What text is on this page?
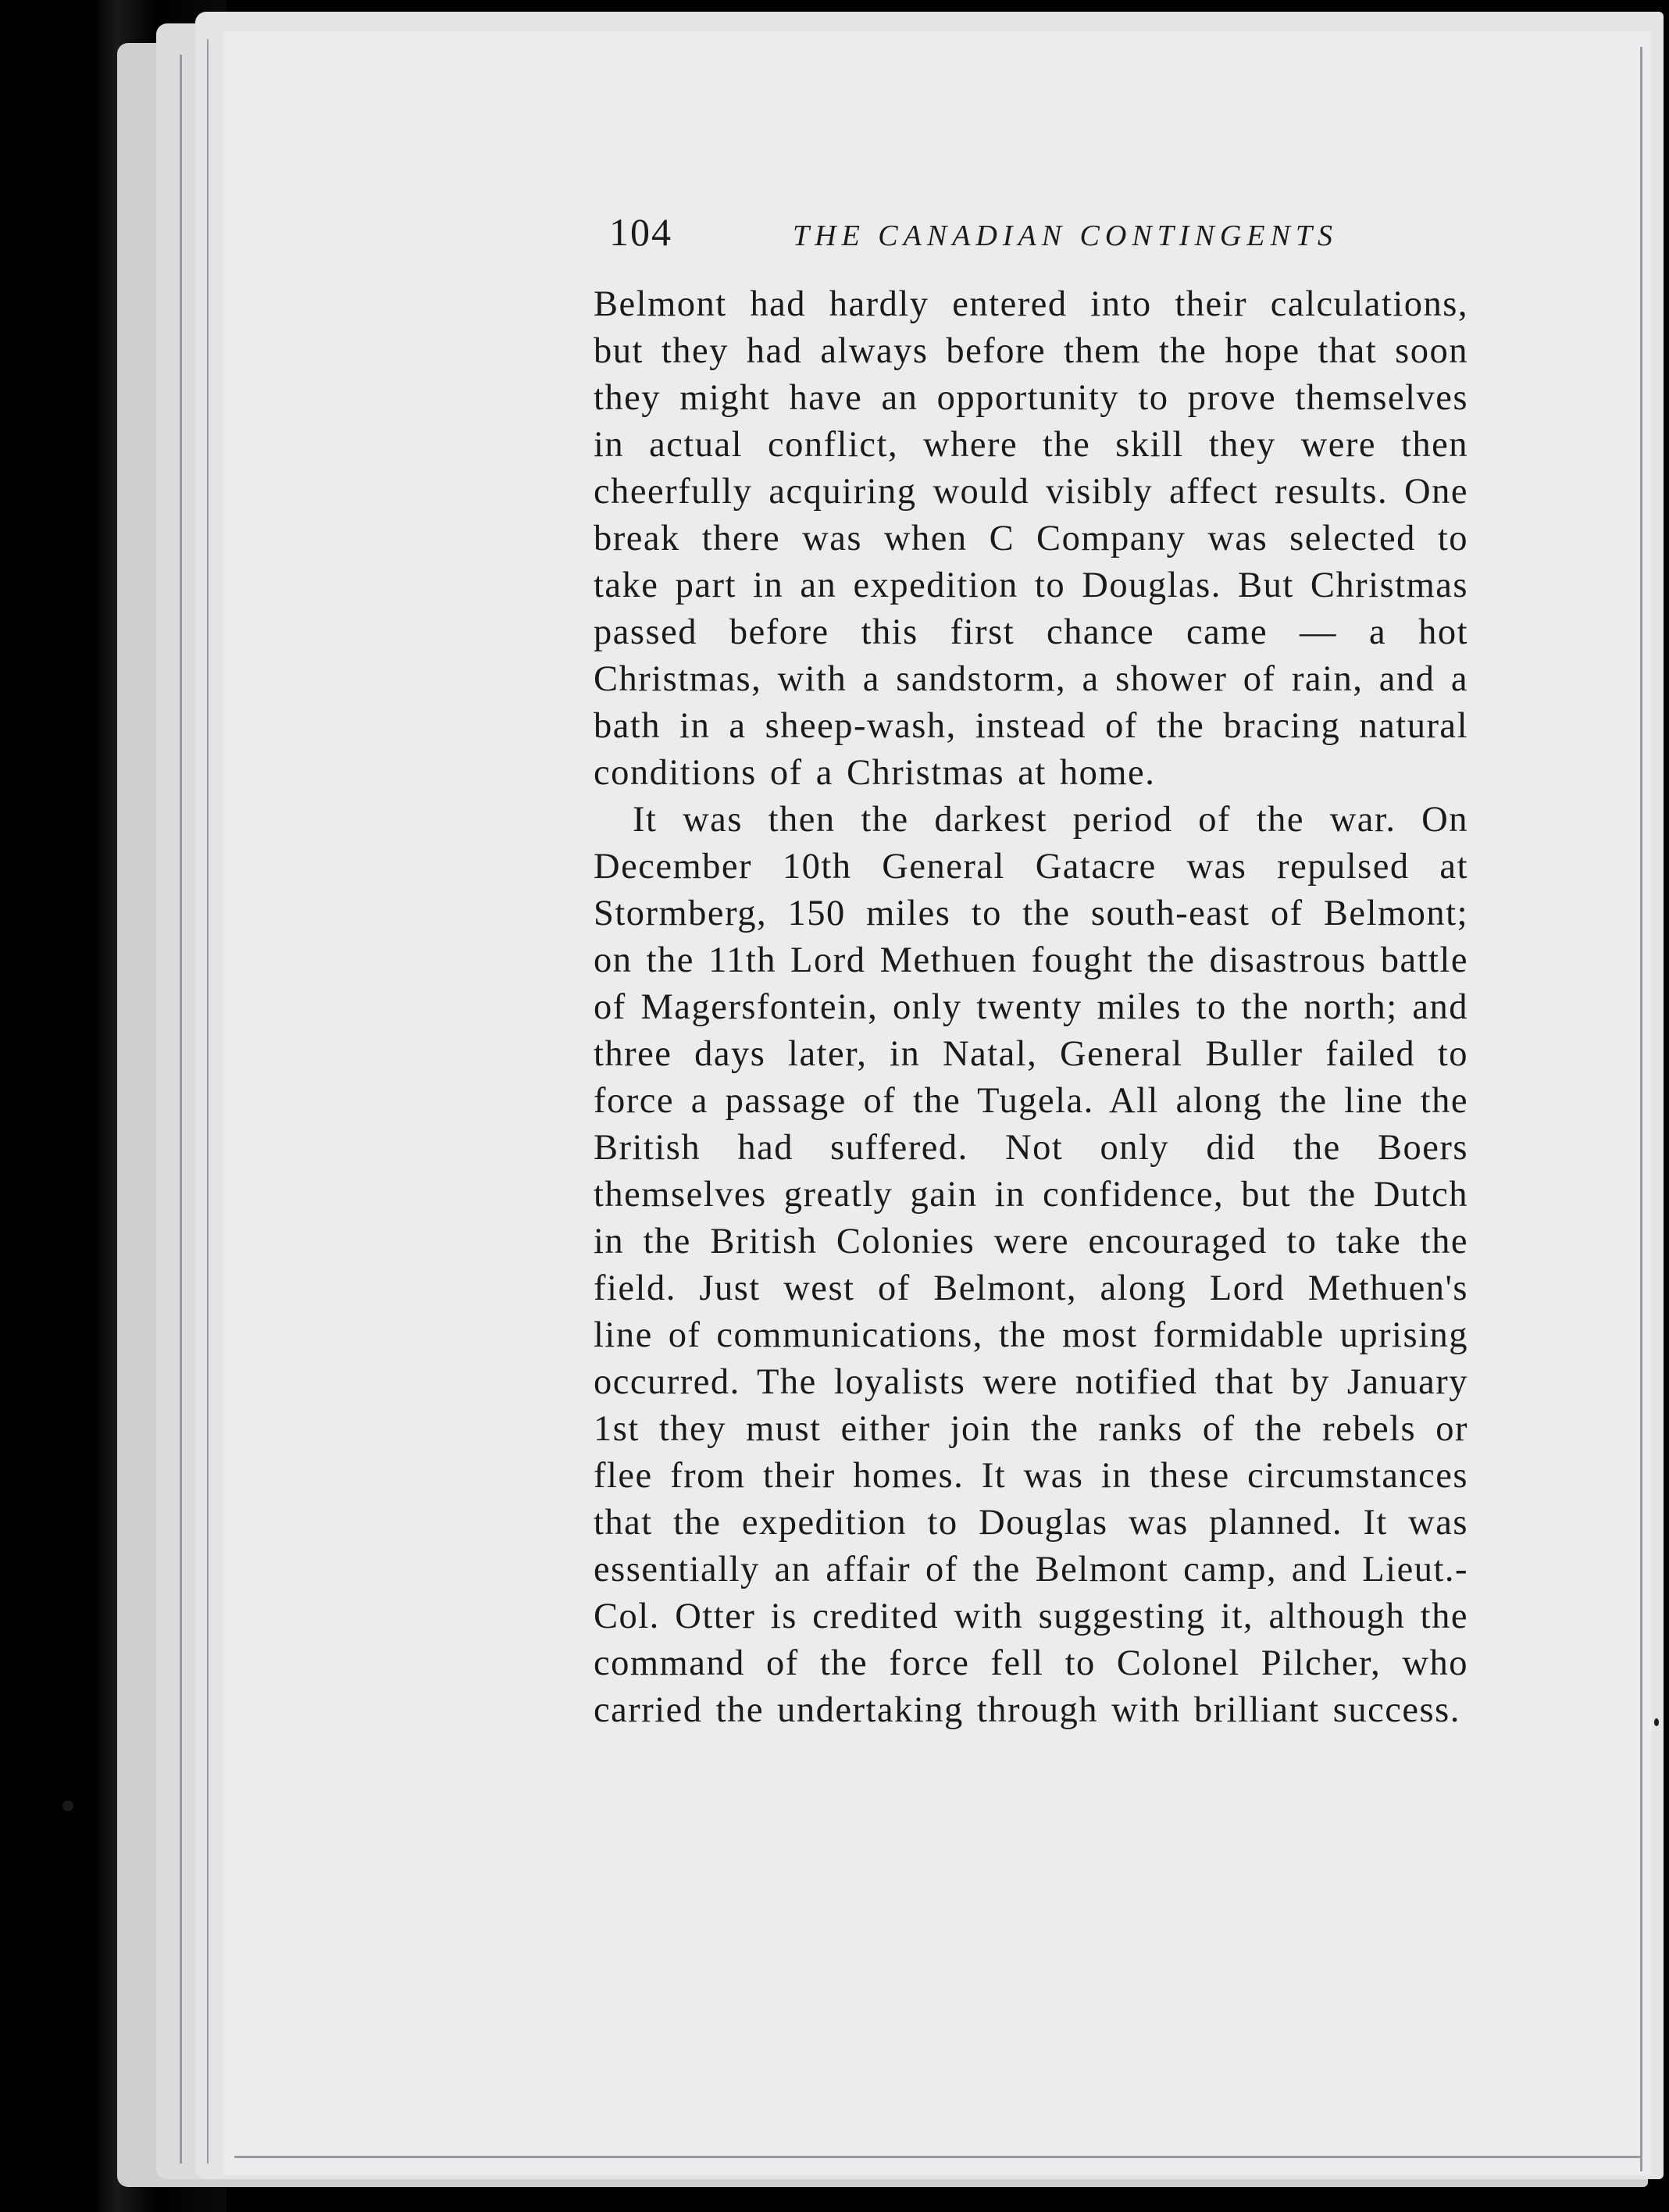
104	THE CANADIAN CONTINGENTS

Belmont had hardly entered into their calculations, but they had always before them the hope that soon they might have an opportunity to prove themselves in actual conflict, where the skill they were then cheerfully acquiring would visibly affect results. One break there was when C Company was selected to take part in an expedition to Douglas. But Christmas passed before this first chance came — a hot Christmas, with a sandstorm, a shower of rain, and a bath in a sheep-wash, instead of the bracing natural conditions of a Christmas at home.

It was then the darkest period of the war. On December 10th General Gatacre was repulsed at Stormberg, 150 miles to the south-east of Belmont; on the 11th Lord Methuen fought the disastrous battle of Magersfontein, only twenty miles to the north; and three days later, in Natal, General Buller failed to force a passage of the Tugela. All along the line the British had suffered. Not only did the Boers themselves greatly gain in confidence, but the Dutch in the British Colonies were encouraged to take the field. Just west of Belmont, along Lord Methuen's line of communications, the most formidable uprising occurred. The loyalists were notified that by January 1st they must either join the ranks of the rebels or flee from their homes. It was in these circumstances that the expedition to Douglas was planned. It was essentially an affair of the Belmont camp, and Lieut.-Col. Otter is credited with suggesting it, although the command of the force fell to Colonel Pilcher, who carried the undertaking through with brilliant success.
